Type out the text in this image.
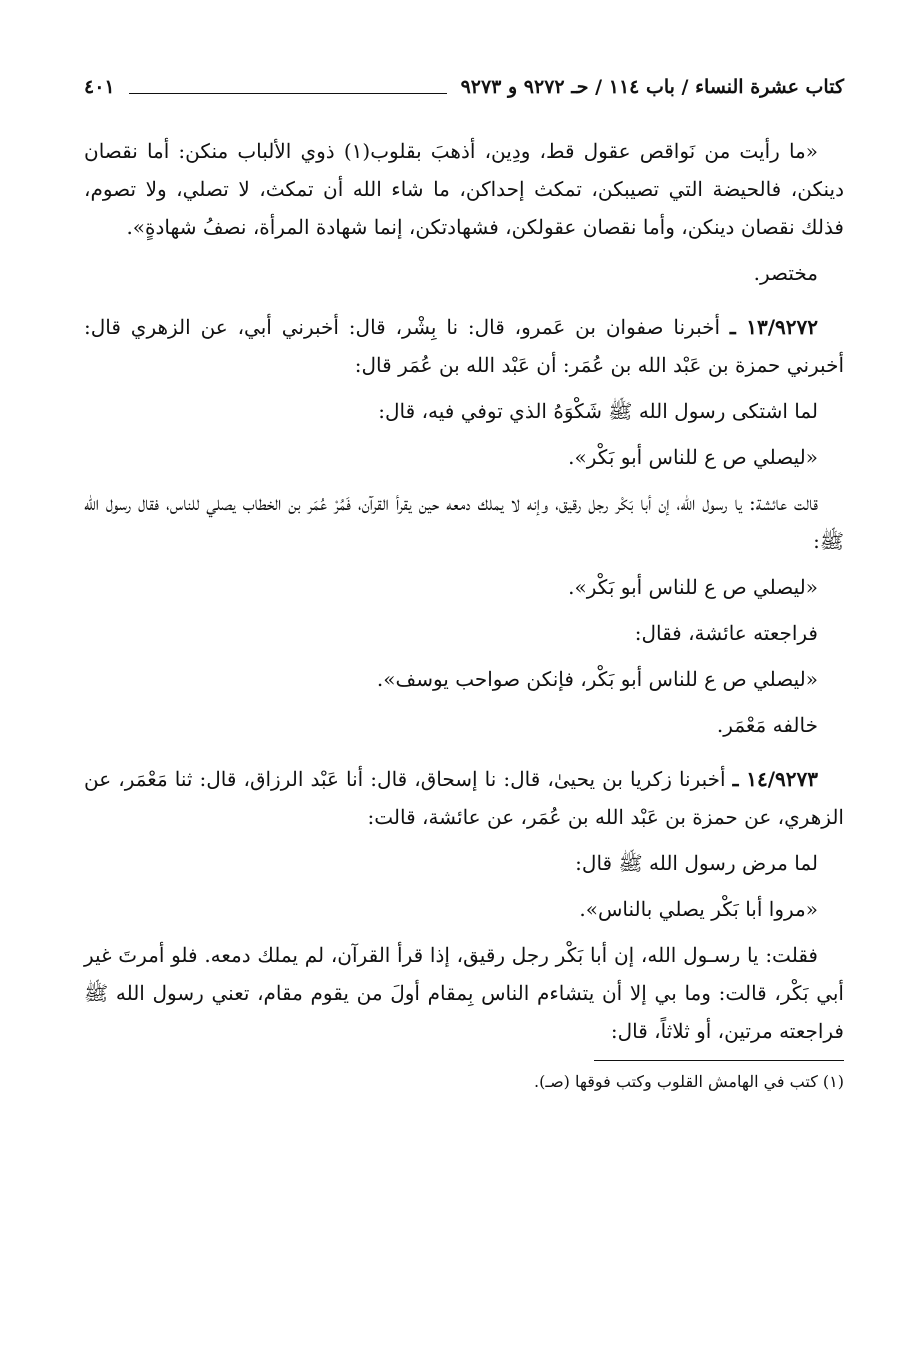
كتاب عشرة النساء / باب ١١٤ / حـ ٩٢٧٢ و ٩٢٧٣
٤٠١

«ما رأيت من نَواقص عقول قط، ودِين، أذهبَ بقلوب(١) ذوي الألباب منكن: أما نقصان دينكن، فالحيضة التي تصيبكن، تمكث إحداكن، ما شاء الله أن تمكث، لا تصلي، ولا تصوم، فذلك نقصان دينكن، وأما نقصان عقولكن، فشهادتكن، إنما شهادة المرأة، نصفُ شهادةٍ».

مختصر.

١٣/٩٢٧٢ ـ أخبرنا صفوان بن عَمرو، قال: نا بِشْر، قال: أخبرني أبي، عن الزهري قال: أخبرني حمزة بن عَبْد الله بن عُمَر: أن عَبْد الله بن عُمَر قال:

لما اشتكى رسول الله ﷺ شَكْوَهُ الذي توفي فيه، قال:

«ليصلي ص ع للناس أبو بَكْر».

قالت عائشة: يا رسول الله، إن أبا بَكْر رجل رقيق، وإنه لا يملك دمعه حين يقرأ القرآن، فَمُرْ عُمَر بن الخطاب يصلي للناس، فقال رسول الله ﷺ:

«ليصلي ص ع للناس أبو بَكْر».

فراجعته عائشة، فقال:

«ليصلي ص ع للناس أبو بَكْر، فإنكن صواحب يوسف».

خالفه مَعْمَر.

١٤/٩٢٧٣ ـ أخبرنا زكريا بن يحيىٰ، قال: نا إسحاق، قال: أنا عَبْد الرزاق، قال: ثنا مَعْمَر، عن الزهري، عن حمزة بن عَبْد الله بن عُمَر، عن عائشة، قالت:

لما مرض رسول الله ﷺ قال:

«مروا أبا بَكْر يصلي بالناس».

فقلت: يا رسـول الله، إن أبا بَكْر رجل رقيق، إذا قرأ القرآن، لم يملك دمعه. فلو أمرتَ غير أبي بَكْر، قالت: وما بي إلا أن يتشاءم الناس بِمقام أولَ من يقوم مقام، تعني رسول الله ﷺ فراجعته مرتين، أو ثلاثاً، قال:

(١) كتب في الهامش القلوب وكتب فوقها (صـ).
